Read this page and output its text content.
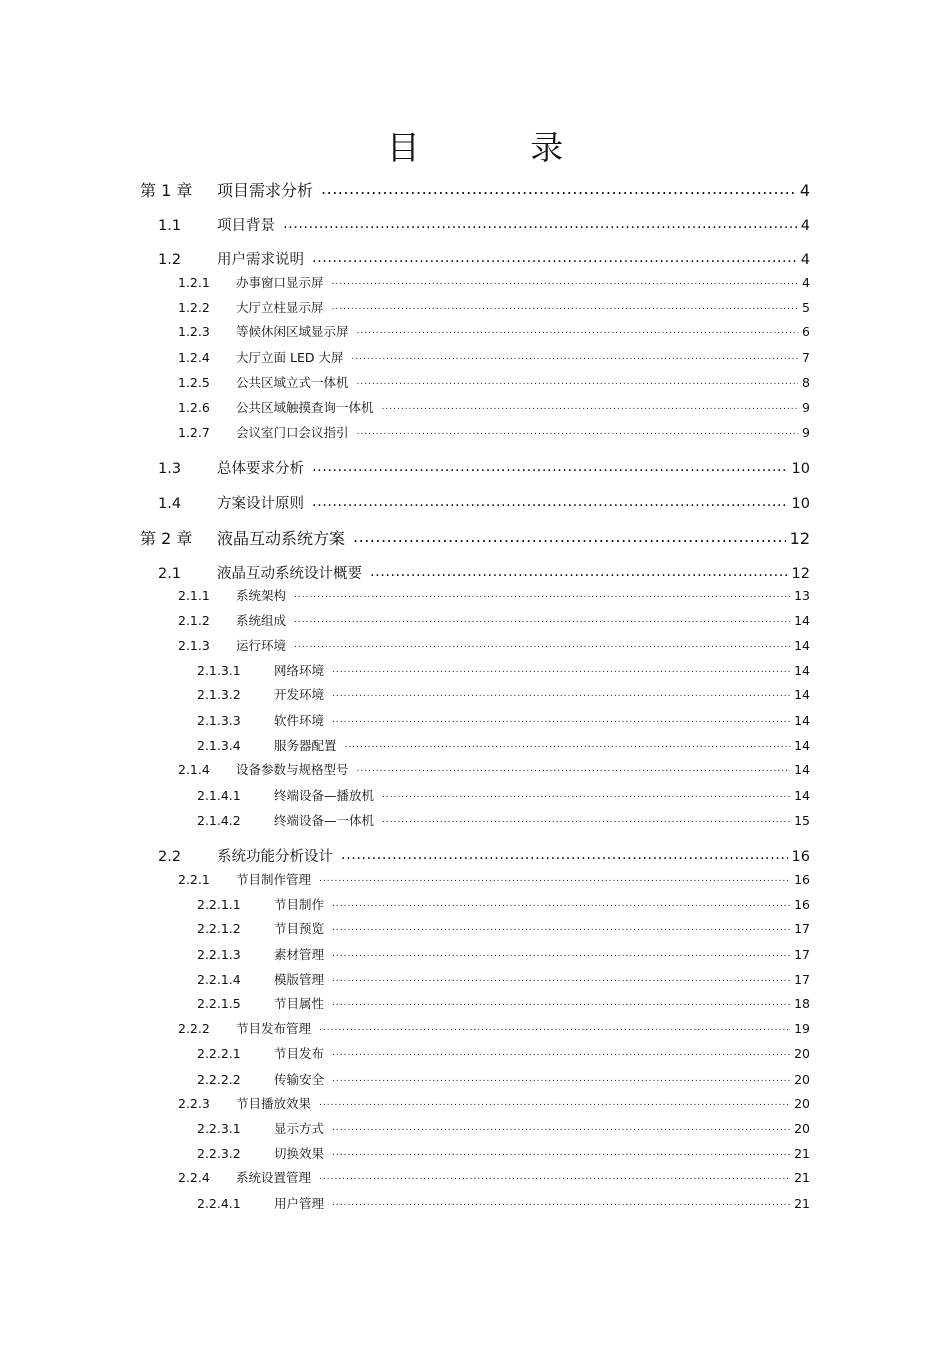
目 录
第 1 章	项目需求分析 .....	4
1.1	项目背景 .....	4
1.2	用户需求说明 .....	4
1.2.1	办事窗口显示屏 .....	4
1.2.2	大厅立柱显示屏 .....	5
1.2.3	等候休闲区域显示屏 .....	6
1.2.4	大厅立面 LED 大屏 .....	7
1.2.5	公共区域立式一体机 .....	8
1.2.6	公共区域触摸查询一体机 .....	9
1.2.7	会议室门口会议指引 .....	9
1.3	总体要求分析 .....	10
1.4	方案设计原则 .....	10
第 2 章	液晶互动系统方案 .....	12
2.1	液晶互动系统设计概要 .....	12
2.1.1	系统架构 .....	13
2.1.2	系统组成 .....	14
2.1.3	运行环境 .....	14
2.1.3.1	网络环境 .....	14
2.1.3.2	开发环境 .....	14
2.1.3.3	软件环境 .....	14
2.1.3.4	服务器配置 .....	14
2.1.4	设备参数与规格型号 .....	14
2.1.4.1	终端设备—播放机 .....	14
2.1.4.2	终端设备—一体机 .....	15
2.2	系统功能分析设计 .....	16
2.2.1	节目制作管理 .....	16
2.2.1.1	节目制作 .....	16
2.2.1.2	节目预览 .....	17
2.2.1.3	素材管理 .....	17
2.2.1.4	模版管理 .....	17
2.2.1.5	节目属性 .....	18
2.2.2	节目发布管理 .....	19
2.2.2.1	节目发布 .....	20
2.2.2.2	传输安全 .....	20
2.2.3	节目播放效果 .....	20
2.2.3.1	显示方式 .....	20
2.2.3.2	切换效果 .....	21
2.2.4	系统设置管理 .....	21
2.2.4.1	用户管理 .....	21
